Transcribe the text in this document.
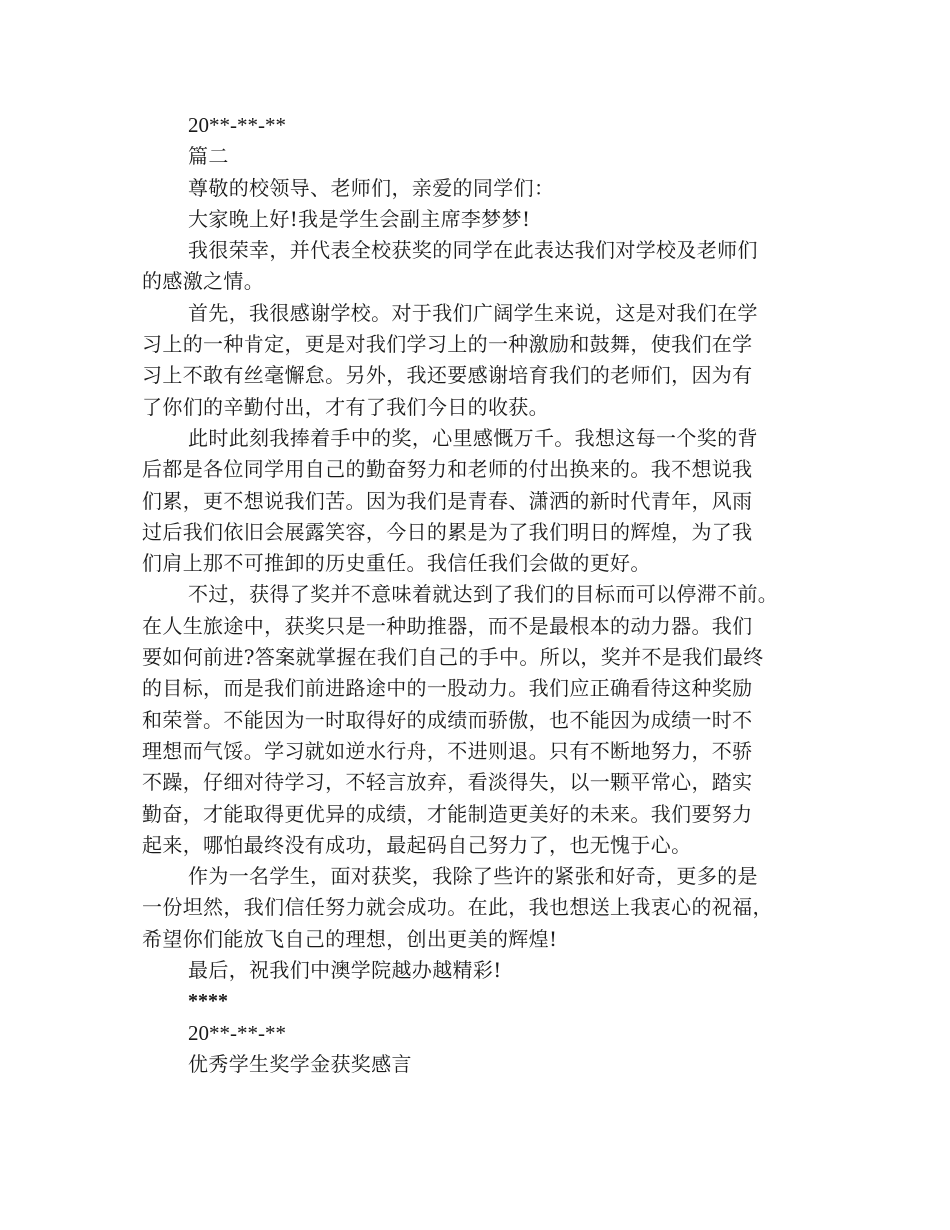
20**-**-**
篇二
尊敬的校领导、老师们，亲爱的同学们：
大家晚上好!我是学生会副主席李梦梦!
我很荣幸，并代表全校获奖的同学在此表达我们对学校及老师们
的感激之情。
首先，我很感谢学校。对于我们广阔学生来说，这是对我们在学
习上的一种肯定，更是对我们学习上的一种激励和鼓舞，使我们在学
习上不敢有丝毫懈怠。另外，我还要感谢培育我们的老师们，因为有
了你们的辛勤付出，才有了我们今日的收获。
此时此刻我捧着手中的奖，心里感慨万千。我想这每一个奖的背
后都是各位同学用自己的勤奋努力和老师的付出换来的。我不想说我
们累，更不想说我们苦。因为我们是青春、潇洒的新时代青年，风雨
过后我们依旧会展露笑容，今日的累是为了我们明日的辉煌，为了我
们肩上那不可推卸的历史重任。我信任我们会做的更好。
不过，获得了奖并不意味着就达到了我们的目标而可以停滞不前。
在人生旅途中，获奖只是一种助推器，而不是最根本的动力器。我们
要如何前进?答案就掌握在我们自己的手中。所以，奖并不是我们最终
的目标，而是我们前进路途中的一股动力。我们应正确看待这种奖励
和荣誉。不能因为一时取得好的成绩而骄傲，也不能因为成绩一时不
理想而气馁。学习就如逆水行舟，不进则退。只有不断地努力，不骄
不躁，仔细对待学习，不轻言放弃，看淡得失，以一颗平常心，踏实
勤奋，才能取得更优异的成绩，才能制造更美好的未来。我们要努力
起来，哪怕最终没有成功，最起码自己努力了，也无愧于心。
作为一名学生，面对获奖，我除了些许的紧张和好奇，更多的是
一份坦然，我们信任努力就会成功。在此，我也想送上我衷心的祝福，
希望你们能放飞自己的理想，创出更美的辉煌!
最后，祝我们中澳学院越办越精彩!
****
20**-**-**
优秀学生奖学金获奖感言
